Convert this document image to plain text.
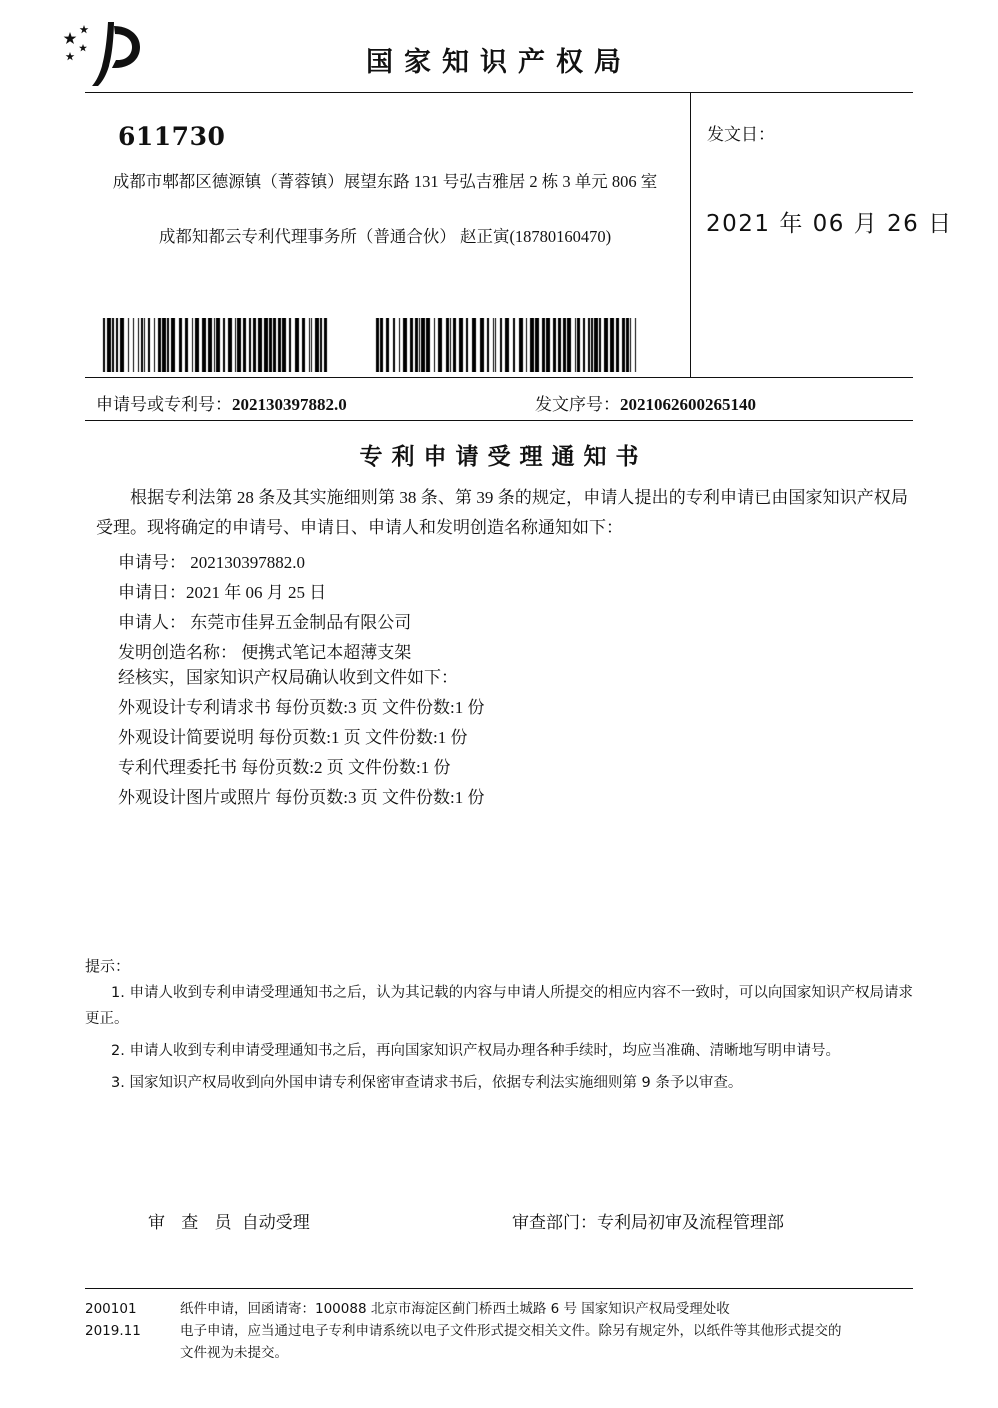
国家知识产权局
611730
成都市郫都区德源镇（菁蓉镇）展望东路 131 号弘吉雅居 2 栋 3 单元 806 室
成都知都云专利代理事务所（普通合伙） 赵正寅(18780160470)
发文日：
2021 年 06 月 26 日
申请号或专利号：202130397882.0	发文序号：2021062600265140
专利申请受理通知书
根据专利法第 28 条及其实施细则第 38 条、第 39 条的规定，申请人提出的专利申请已由国家知识产权局受理。现将确定的申请号、申请日、申请人和发明创造名称通知如下：
申请号： 202130397882.0
申请日：2021 年 06 月 25 日
申请人： 东莞市佳昇五金制品有限公司
发明创造名称： 便携式笔记本超薄支架
经核实，国家知识产权局确认收到文件如下：
外观设计专利请求书 每份页数:3 页 文件份数:1 份
外观设计简要说明 每份页数:1 页 文件份数:1 份
专利代理委托书 每份页数:2 页 文件份数:1 份
外观设计图片或照片 每份页数:3 页 文件份数:1 份
提示：

1. 申请人收到专利申请受理通知书之后，认为其记载的内容与申请人所提交的相应内容不一致时，可以向国家知识产权局请求更正。

2. 申请人收到专利申请受理通知书之后，再向国家知识产权局办理各种手续时，均应当准确、清晰地写明申请号。

3. 国家知识产权局收到向外国申请专利保密审查请求书后，依据专利法实施细则第 9 条予以审查。

审 查 员 自动受理	审查部门：专利局初审及流程管理部
200101
2019.11

纸件申请，回函请寄：100088 北京市海淀区蓟门桥西土城路 6 号 国家知识产权局受理处收

电子申请，应当通过电子专利申请系统以电子文件形式提交相关文件。除另有规定外，以纸件等其他形式提交的

文件视为未提交。
